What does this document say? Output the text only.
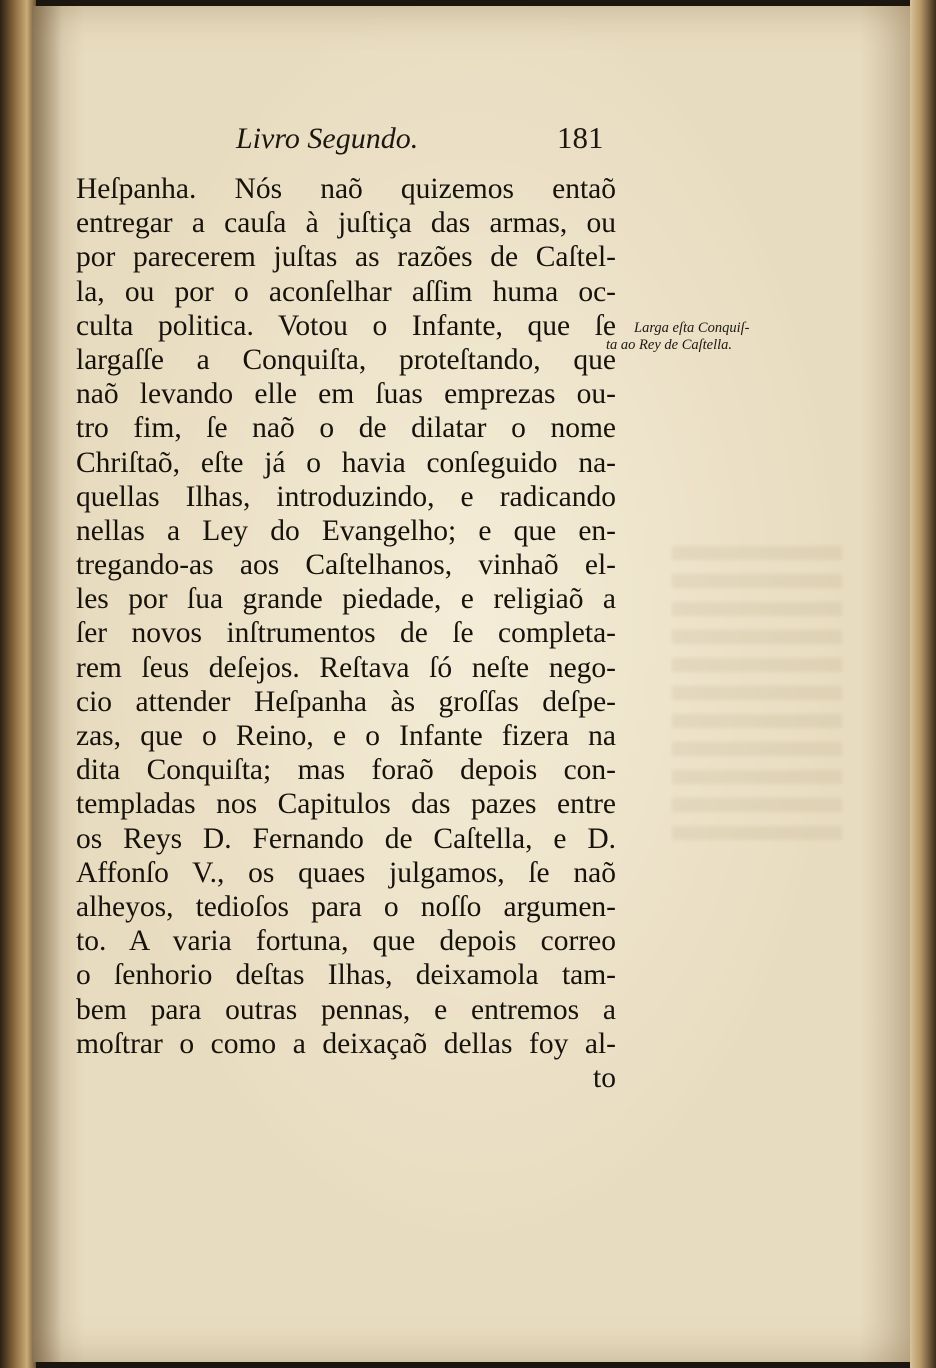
Livro Segundo.	181
Heſpanha. Nós naõ quizemos entaõ
entregar a cauſa à juſtiça das armas, ou
por parecerem juſtas as razões de Caſtel-
la, ou por o aconſelhar aſſim huma oc-
culta politica. Votou o Infante, que ſe
largaſſe a Conquiſta, proteſtando, que
naõ levando elle em ſuas emprezas ou-
tro fim, ſe naõ o de dilatar o nome
Chriſtaõ, eſte já o havia conſeguido na-
quellas Ilhas, introduzindo, e radicando
nellas a Ley do Evangelho; e que en-
tregando-as aos Caſtelhanos, vinhaõ el-
les por ſua grande piedade, e religiaõ a
ſer novos inſtrumentos de ſe completa-
rem ſeus deſejos. Reſtava ſó neſte nego-
cio attender Heſpanha às groſſas deſpe-
zas, que o Reino, e o Infante fizera na
dita Conquiſta; mas foraõ depois con-
templadas nos Capitulos das pazes entre
os Reys D. Fernando de Caſtella, e D.
Affonſo V., os quaes julgamos, ſe naõ
alheyos, tedioſos para o noſſo argumen-
to. A varia fortuna, que depois correo
o ſenhorio deſtas Ilhas, deixamola tam-
bem para outras pennas, e entremos a
moſtrar o como a deixaçaõ dellas foy al-
to
Larga eſta Conquiſ-
ta ao Rey de Caſtella.
